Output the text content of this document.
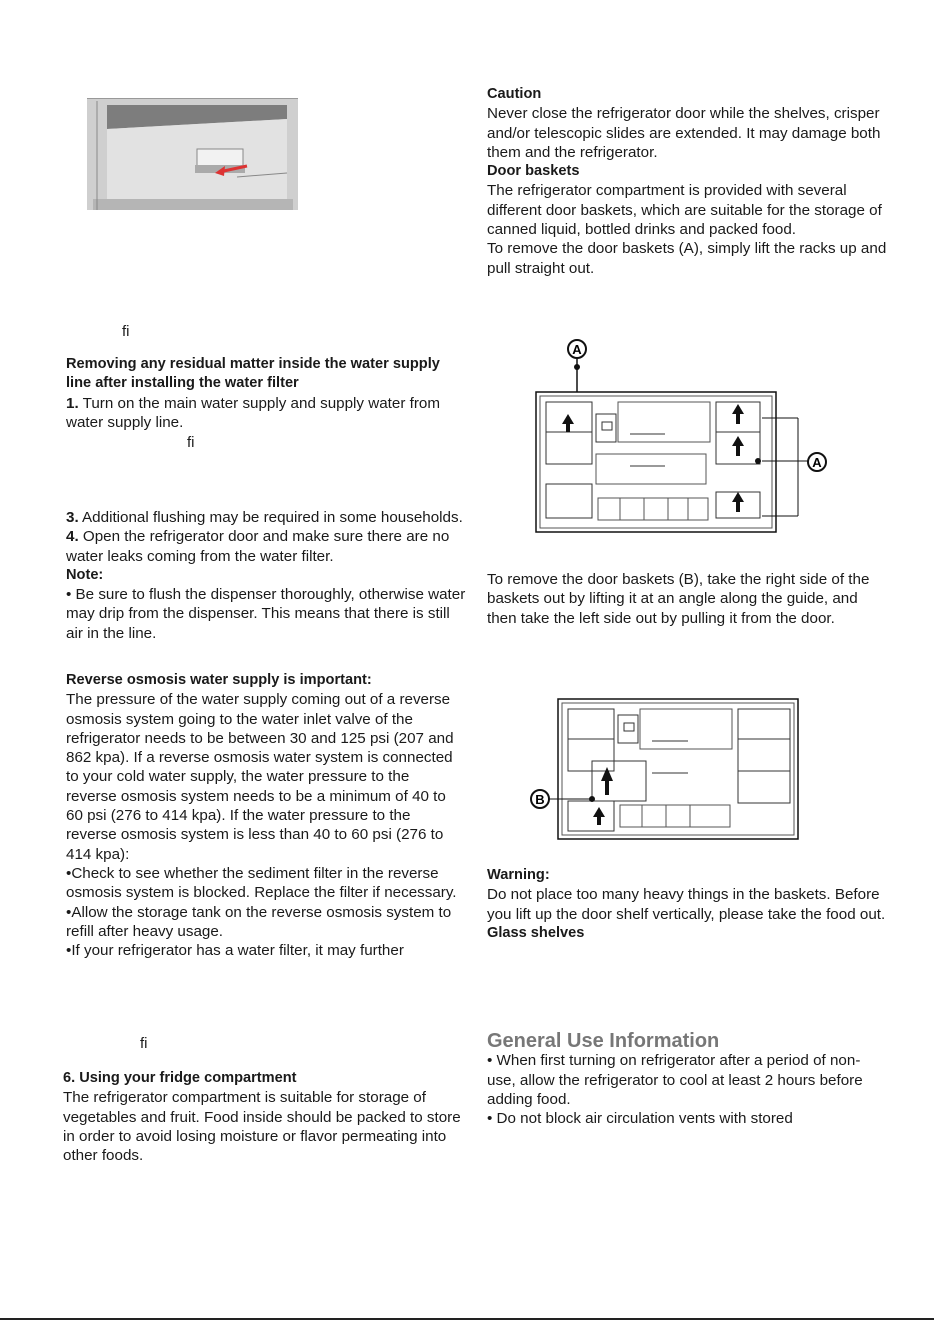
fi

Removing any residual matter inside the water supply line after installing the water filter

1. Turn on the main water supply and supply water from water supply line.

fi

3. Additional flushing may be required in some households.

4. Open the refrigerator door and make sure there are no water leaks coming from the water filter.

Note:

• Be sure to flush the dispenser thoroughly, otherwise water may drip from the dispenser. This means that there is still air in the line.

Reverse osmosis water supply is important:

The pressure of the water supply coming out of a reverse osmosis system going to the water inlet valve of the refrigerator needs to be between 30 and 125 psi (207 and 862 kpa). If a reverse osmosis water system is connected to your cold water supply, the water pressure to the reverse osmosis system needs to be a minimum of 40 to 60 psi (276 to 414 kpa). If the water pressure to the reverse osmosis system is less than 40 to 60 psi (276 to 414 kpa):

•Check to see whether the sediment filter in the reverse osmosis system is blocked. Replace the filter if necessary.

•Allow the storage tank on the reverse osmosis system to refill after heavy usage.

•If your refrigerator has a water filter, it may further

fi

6. Using your fridge compartment

The refrigerator compartment is suitable for storage of vegetables and fruit. Food inside should be packed to store in order to avoid losing moisture or flavor permeating into other foods.

Caution

Never close the refrigerator door while the shelves, crisper and/or telescopic slides are extended. It may damage both them and the refrigerator.

Door baskets

The refrigerator compartment is provided with several different door baskets, which are suitable for the storage of canned liquid, bottled drinks and packed food.

To remove the door baskets (A), simply lift the racks up and pull straight out.

A
A

To remove the door baskets (B), take the right side of the baskets out by lifting it at an angle along the guide, and then take the left side out by pulling it from the door.

B

Warning:

Do not place too many heavy things in the baskets. Before you lift up the door shelf vertically, please take the food out.

Glass shelves

General Use Information

• When first turning on refrigerator after a period of non-use, allow the refrigerator to cool at least 2 hours before adding food.

• Do not block air circulation vents with stored
